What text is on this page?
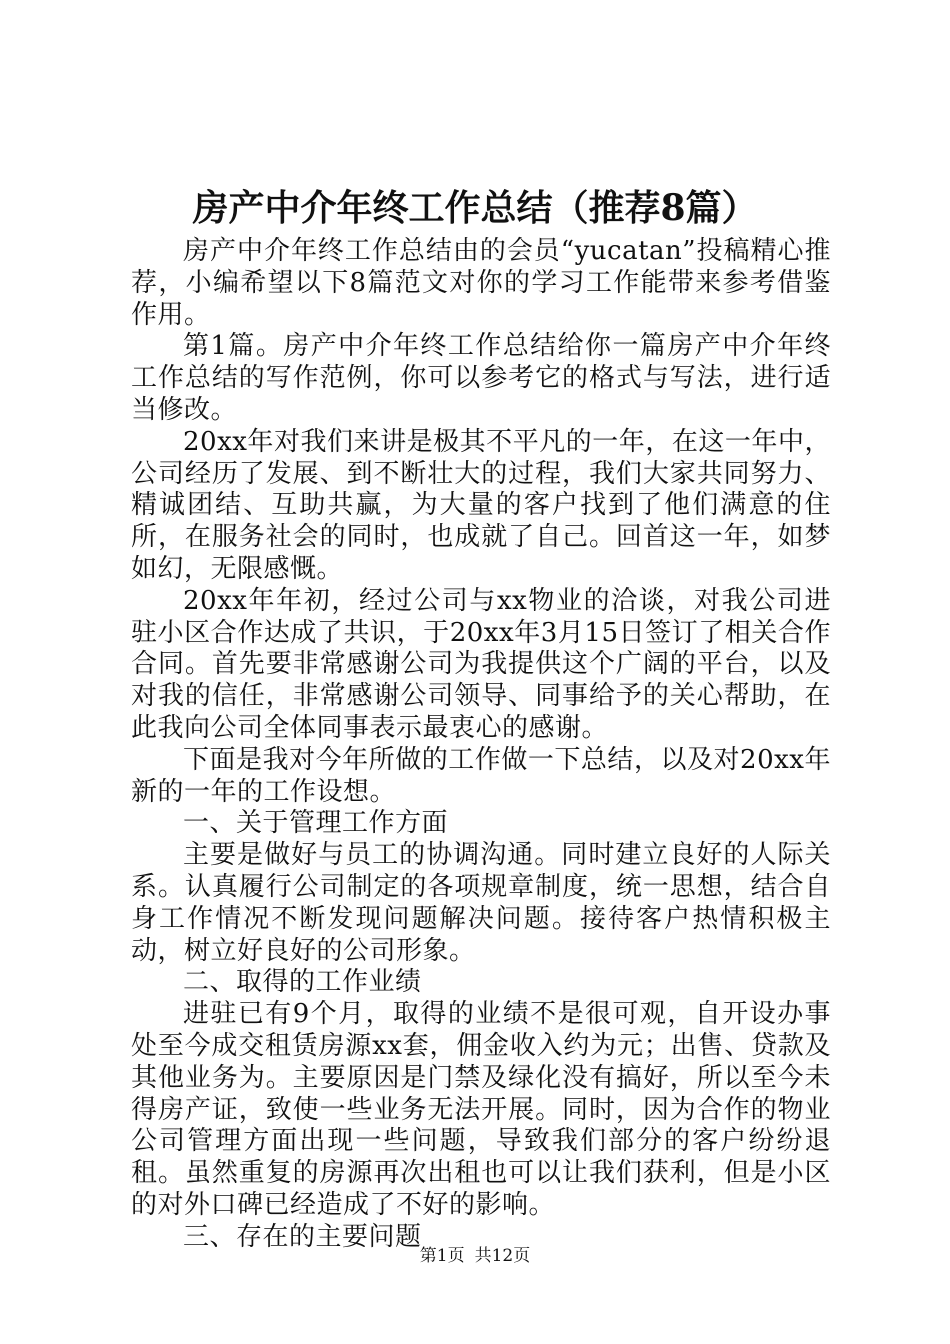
房产中介年终工作总结（推荐8篇）

房产中介年终工作总结由的会员“yucatan”投稿精心推荐，小编希望以下8篇范文对你的学习工作能带来参考借鉴作用。

第1篇。房产中介年终工作总结给你一篇房产中介年终工作总结的写作范例，你可以参考它的格式与写法，进行适当修改。

20xx年对我们来讲是极其不平凡的一年，在这一年中，公司经历了发展、到不断壮大的过程，我们大家共同努力、精诚团结、互助共赢，为大量的客户找到了他们满意的住所，在服务社会的同时，也成就了自己。回首这一年，如梦如幻，无限感慨。

20xx年年初，经过公司与xx物业的洽谈，对我公司进驻小区合作达成了共识，于20xx年3月15日签订了相关合作合同。首先要非常感谢公司为我提供这个广阔的平台，以及对我的信任，非常感谢公司领导、同事给予的关心帮助，在此我向公司全体同事表示最衷心的感谢。

下面是我对今年所做的工作做一下总结，以及对20xx年新的一年的工作设想。

一、关于管理工作方面

主要是做好与员工的协调沟通。同时建立良好的人际关系。认真履行公司制定的各项规章制度，统一思想，结合自身工作情况不断发现问题解决问题。接待客户热情积极主动，树立好良好的公司形象。

二、取得的工作业绩

进驻已有9个月，取得的业绩不是很可观，自开设办事处至今成交租赁房源xx套，佣金收入约为元；出售、贷款及其他业务为。主要原因是门禁及绿化没有搞好，所以至今未得房产证，致使一些业务无法开展。同时，因为合作的物业公司管理方面出现一些问题，导致我们部分的客户纷纷退租。虽然重复的房源再次出租也可以让我们获利，但是小区的对外口碑已经造成了不好的影响。

三、存在的主要问题

第1页 共12页
